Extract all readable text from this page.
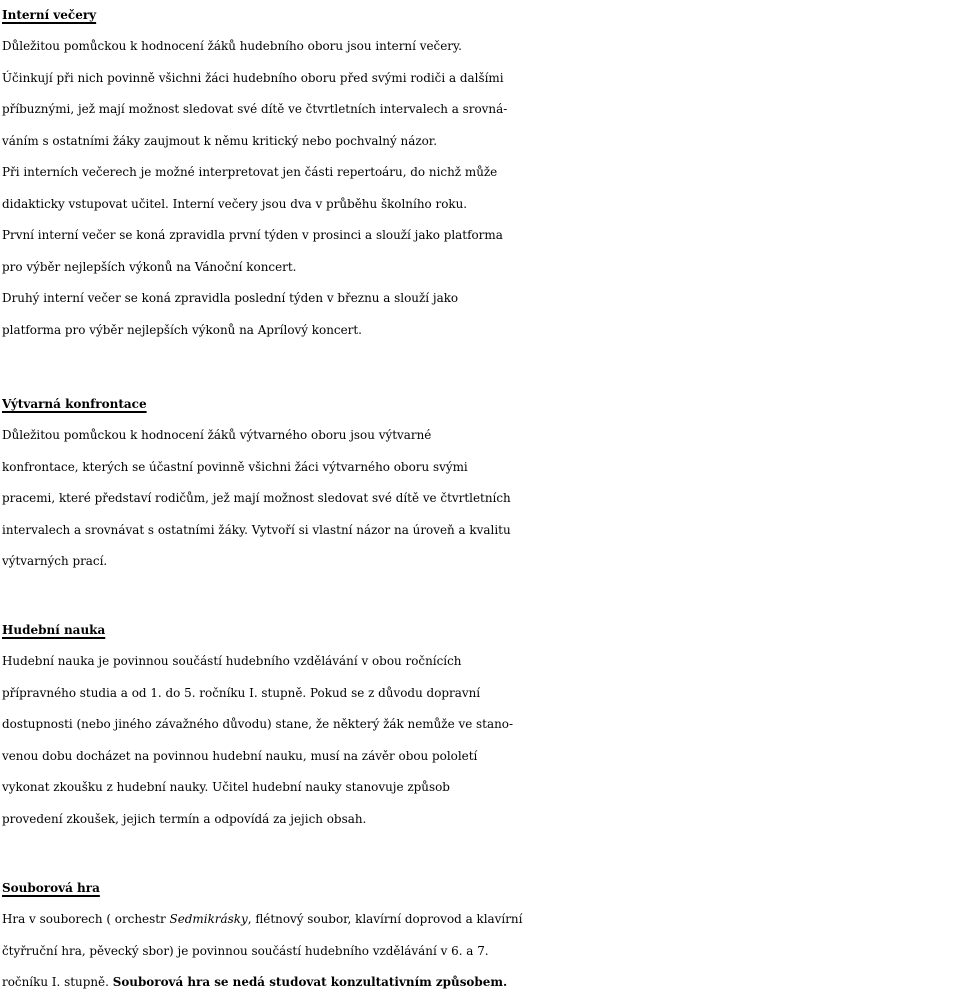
Interní večery

Důležitou pomůckou k hodnocení žáků hudebního oboru jsou interní večery.

Účinkují při nich povinně všichni žáci hudebního oboru před svými rodiči a dalšími

příbuznými, jež mají možnost sledovat své dítě ve čtvrtletních intervalech a srovná-

váním s ostatními žáky zaujmout k němu kritický nebo pochvalný názor.

Při interních večerech je možné interpretovat jen části repertoáru, do nichž může

didakticky vstupovat učitel. Interní večery jsou dva v průběhu školního roku.

První interní večer se koná zpravidla první týden v prosinci a slouží jako platforma

pro výběr nejlepších výkonů na Vánoční koncert.

Druhý interní večer se koná zpravidla poslední týden v březnu a slouží jako

platforma pro výběr nejlepších výkonů na Aprílový koncert.

Výtvarná konfrontace

Důležitou pomůckou k hodnocení žáků výtvarného oboru jsou výtvarné

konfrontace, kterých se účastní povinně všichni žáci výtvarného oboru svými

pracemi, které představí rodičům, jež mají možnost sledovat své dítě ve čtvrtletních

intervalech a srovnávat s ostatními žáky. Vytvoří si vlastní názor na úroveň a kvalitu

výtvarných prací.

Hudební nauka

Hudební nauka je povinnou součástí hudebního vzdělávání v obou ročnících

přípravného studia a od 1. do 5. ročníku I. stupně. Pokud se z důvodu dopravní

dostupnosti (nebo jiného závažného důvodu) stane, že některý žák nemůže ve stano-

venou dobu docházet na povinnou hudební nauku, musí na závěr obou pololetí

vykonat zkoušku z hudební nauky. Učitel hudební nauky stanovuje způsob

provedení zkoušek, jejich termín a odpovídá za jejich obsah.

Souborová hra

Hra v souborech ( orchestr Sedmikrásky, flétnový soubor, klavírní doprovod a klavírní

čtyřruční hra, pěvecký sbor) je povinnou součástí hudebního vzdělávání v 6. a 7.

ročníku I. stupně. Souborová hra se nedá studovat konzultativním způsobem.
